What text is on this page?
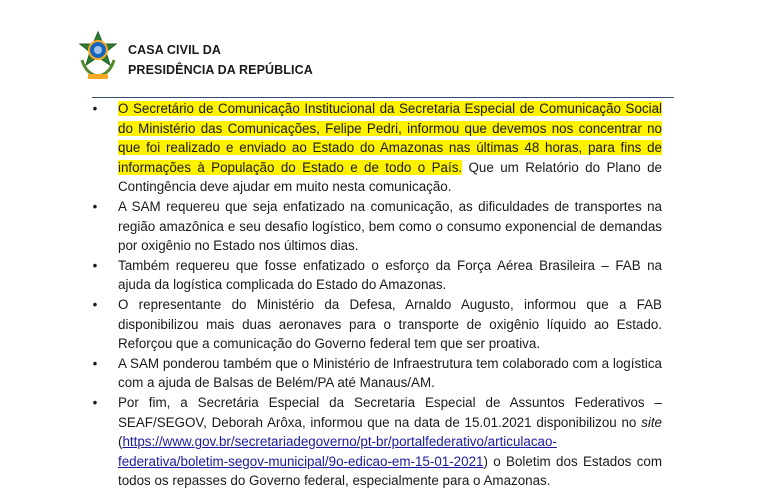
CASA CIVIL DA
PRESIDÊNCIA DA REPÚBLICA
• O Secretário de Comunicação Institucional da Secretaria Especial de Comunicação Social do Ministério das Comunicações, Felipe Pedri, informou que devemos nos concentrar no que foi realizado e enviado ao Estado do Amazonas nas últimas 48 horas, para fins de informações à População do Estado e de todo o País. Que um Relatório do Plano de Contingência deve ajudar em muito nesta comunicação.
• A SAM requereu que seja enfatizado na comunicação, as dificuldades de transportes na região amazônica e seu desafio logístico, bem como o consumo exponencial de demandas por oxigênio no Estado nos últimos dias.
• Também requereu que fosse enfatizado o esforço da Força Aérea Brasileira – FAB na ajuda da logística complicada do Estado do Amazonas.
• O representante do Ministério da Defesa, Arnaldo Augusto, informou que a FAB disponibilizou mais duas aeronaves para o transporte de oxigênio líquido ao Estado. Reforçou que a comunicação do Governo federal tem que ser proativa.
• A SAM ponderou também que o Ministério de Infraestrutura tem colaborado com a logística com a ajuda de Balsas de Belém/PA até Manaus/AM.
• Por fim, a Secretária Especial da Secretaria Especial de Assuntos Federativos – SEAF/SEGOV, Deborah Arôxa, informou que na data de 15.01.2021 disponibilizou no site (https://www.gov.br/secretariadegoverno/pt-br/portalfederativo/articulacao-federativa/boletim-segov-municipal/9o-edicao-em-15-01-2021) o Boletim dos Estados com todos os repasses do Governo federal, especialmente para o Amazonas.
